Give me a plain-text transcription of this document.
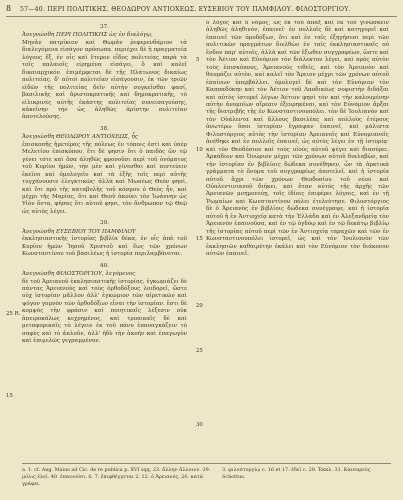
8 57—40. ΠΕΡΙ ΠΟΛΙΤΙΚΗΣ. ΘΕΟΔΩΡΟΥ ΑΝΤΙΟΧΕΩΣ. ΕΥΣΕΒΙΟΥ ΤΟΥ ΠΑΜΦΙΛΟΥ. ΦΙΛΟΣΤΟΡΓΙΟΥ.
37.

Ἀνεγνώσθη ΠΕΡΙ ΠΟΛΙΤΙΚΗΣ ὡς ἐν διαλόγῳ,

Μηνᾶν πατρίκιον καὶ Θωμᾶν ῥεφερενδάριον τὰ διαλεγόμενα εἰσάγον πρόσωπα. περιέχει δὲ ἡ πραγματεία λόγους ἕξ, ἐν οἷς καὶ ἕτερον εἶδος πολιτείας παρὰ τὰ τοῖς παλαιοῖς εἰρημένα εἰσάγει, ὃ καὶ καλεῖ δικαιαρχικόν. ἐπιμέμφεται δὲ τῆς Πλάτωνος δικαίως πολιτείας. δ' αὐτοὶ πολιτείαν εἰσάγουσιν, ἐκ τῶν τριῶν εἰδῶν τῆς πολιτείας δεῖν αὐτὴν συγκεῖσθαι φασί, βασιλικῆς καὶ ἀριστοκρατικῆς καὶ δημοκρατικῆς, τὸ εἰλικρινὲς αὐτῆς ἑκάστης πολιτείας συνεισαγούσης, κἀκείνην τὴν ὡς ἀληθῶς ἀρίστην πολιτείαν ἀποτελούσης.

38.

Ἀνεγνώσθη ΘΕΟΔΩΡΟΥ ΑΝΤΙΟΧΕΩΣ, ἧς

ἐπισκοπῆς ἡμετέρας τῆς πόλεως ἐν τόποις ἐστὶ καὶ ὑπὲρ Μελετίου ἐπισκόπου, ἔτι δὲ φησιν ὅτι ὁ παιδὸς ὤν τῷ γένει τότε καὶ ὅσα ἀληθῶς φρονοῦσι περὶ τοῦ ὀνόματος τοῦ Κυρίου ἡμῶν, τὴν μὲν καὶ γίνεσθαι καὶ πιστεύειν ἐκεῖνο καὶ ὁμολογεῖν καὶ τὰ ἑξῆς τοῖς περὶ αὐτῆς τυγχάνουσιν ἐλεγκτικῶς· ἀλλὰ καὶ Μωσέως Θεὸν φησὶ, καὶ ὅτι πρὸ τῆς καταβολῆς τοῦ κόσμου ὁ Θεὸς ἦν, καὶ μέχρι τῆς Μαρίας, ὅτι καὶ Θεοῦ ἀκούει τὸν Ἰωάννην ὡς Υἱὸν ὄντα, φήσας ὅτι αὐτοῦ φησι, τὸν ἄνθρωπον τῷ Θεῷ ὡς αὐτὸς λέγει.

39.

Ἀνεγνώσθη ΕΥΣΕΒΙΟΥ ΤΟΥ ΠΑΜΦΙΛΟΥ

ἐκκλησιαστικῆς ἱστορίας βιβλία δέκα, ἐν οἷς ἀπὸ τοῦ Κυρίου ἡμῶν Ἰησοῦ Χριστοῦ καὶ ἕως τῶν χρόνων Κωνσταντίνου τοῦ βασιλέως ἡ ἱστορία περιλαμβάνεται.

40.

Ἀνεγνώσθη ΦΙΛΟΣΤΟΡΓΙΟΥ, λεγόμενος

δὲ τοῦ Ἀρειανοῦ ἐκκλησιαστικῆς ἱστορίας. ἐγκωμιάζει δὲ πάντας Ἀρειανοὺς καὶ τοὺς ὀρθοδόξους λοιδορεῖ, ὥστε οὐχ ἱστορίαν μᾶλλον ἀλλ' ἐγκώμιον τῶν αἱρετικῶν καὶ ψόγον γυμνὸν τῶν ὀρθοδόξων εἶναι τὴν ἱστορίαν. ἔστι δὲ κομψὸς τὴν φράσιν καὶ ποιητικαῖς λέξεσιν οὐκ ἀπειροκάλως κεχρημένος, καὶ τροπικαῖς δὲ καὶ μεταφορικαῖς τὸ λέγειν ἐκ τοῦ πάνυ ἐπαναγκάζειν τὸ σαφὲς καὶ τὸ ἀπλοῦν, ἀλλ' ἡδὺ τὴν ἀκοὴν καὶ ἐπαγωγὸν καὶ ἐπιμελῶς γεγραμμένον.

ὁ λόγος καὶ ὁ νόμος, ὡς ἐκ τοῦ ἁπαξ καὶ ἐκ τοῦ γινώσκειν ἀληθῶς ἀληθινόν, ἐπαινεῖ· ἐν πολλοῖς δὲ καὶ κατηγορεῖ καὶ ἐπαινεῖ τῶν ὁμοδόξων, ὅτι καὶ ἐν ταῖς ἐξηγήσεσι περὶ τῶν πολιτικῶν πραγμάτων διελθὼν ἐν ταῖς ἐκκλησιαστικαῖς οὐ ἔνδον παρ' αὐτοῖς, ἀλλὰ καὶ τῶν ἔξωθεν συγγραφέων, ὥστε καὶ τὸν Ἀέτιον καὶ Εὐνόμιον τὸν διάλεκτον λέγει, καὶ πρὸς αὐτὸν τοὺς ἐπισκόπους, Ἀρειανοὺς τιθεῖς, καὶ τὸν Ἀρειανὸν καὶ θαυμάζει αὐτὸν, καὶ καλεῖ τὸν Ἄρειον μέχρι τῶν χρόνων αὐτοῦ ἐπαίνων ὑπερβάλλει. ὁμολογεῖ δὲ καὶ τὸν Εὐνόμιον τὸν Καππαδόκην καὶ τὸν Ἀέτιον τοῦ Λαοδικέως σοφιστὴν διδάξαι καὶ αὐτὸς ἱστορεῖ λέγων Ἀέτιον φησὶ τὸν καὶ τὴν καλουμένην αὐτὴν ἀνομοίων αἵρεσιν ἐξευρηκέναι, καὶ τὸν Εὐνόμιον ἄρξαι τῆς διατριβῆς τῆς ἐν Κωνσταντινουπόλει. τὸν δὲ Ἰουλιανὸν καὶ τὸν Οὐάλεντα καὶ ἄλλους βασιλέας καὶ πολλοὺς ἑτέρους ἀνωτέρω ὅσοι ἱστορίαν ἔγραψαν ἐπαινεῖ, καὶ μάλιστα Φιλοστόργιος αὐτὸς τὴν ἱστορίαν Ἀρειανοῖς καὶ Εὐνομιανοῖς ἀνέθηκε καὶ ἐν πολλοῖς ἐπαινεῖ, ὡς αὐτὸς λέγει ἐν τῇ ἱστορίᾳ· καὶ τὸν Θεοδόσιον καὶ τοὺς υἱοὺς αὐτοῦ ψέγει καὶ διασύρει. Ἀρκάδιον καὶ Ὁνώριον μέχρι τῶν χρόνων αὐτοῦ διαλαβὼν, καὶ τὴν ἱστορίαν ἐν βιβλίοις δώδεκα συνέθηκεν, ὧν τὰ ἀρκτικὰ γράμματα τὸ ὄνομα τοῦ συγγραφέως ἀποτελεῖ. καὶ ἡ ἱστορία αὐτοῦ ἄχρι τῶν χρόνων Θεοδοσίου τοῦ νέου καὶ Οὐαλεντινιανοῦ διήκει, καὶ ὅταν αὐτὸς τῆς ἀρχῆς τῶν Ἀρειανῶν μνημονεύῃ, τοῖς ἰδίοις ἐπιφέρει λόγοις, καὶ ἐν τῇ Ῥωμαίων καὶ Κωνσταντίνου πόλει ἐτελεύτησε. Φιλοστόργιος δὲ ὁ Ἀρειανὸς ἐν βιβλίοις δώδεκα συνέγραψε, καὶ ἡ ἱστορία αὐτοῦ ἡ ἐν Ἀντιοχείᾳ κατὰ τὴν Ἑλλάδα καὶ ἐν Ἀλεξανδρείᾳ τὸν Ἀρειανὸν ἐπαινοῦσα, καὶ ἐν τῷ ὀγδόῳ καὶ ἐν τῷ δεκάτῳ βιβλίῳ τῆς ἱστορίας αὐτοῦ περὶ τῶν ἐν Ἀντιοχείᾳ ταραχῶν καὶ τῶν ἐν Κωνσταντινουπόλει ἱστορεῖ, ὡς καὶ τὸν Ἰουλιανὸν τῶν ἐκκλησιῶν καθαιρέτην ἐκάλει καὶ τὸν Εὐνόμιον τὸν διάκονον αὐτῶν ἐπαινεῖ.

25 R.
15
5
10
15
20
25
30
a. 1. cf. Ang. Maius ad Cic. de re publica p. XVI sqq. 23. ἄλλην ἄλλοιον. 29. μόλις ἐλεῖ. 40. ἐπαινοῦσι. 6. 7. ἐπιφθέγγεται 2. 12. ὁ Ἀρειανός. 20. κατὰ γράφει.
3. φιλοστοργίῳ c. 16 et 17. ἐδεῖ c. 29. Ἐκκλ. 31. Καισαρεύς Schottus.
